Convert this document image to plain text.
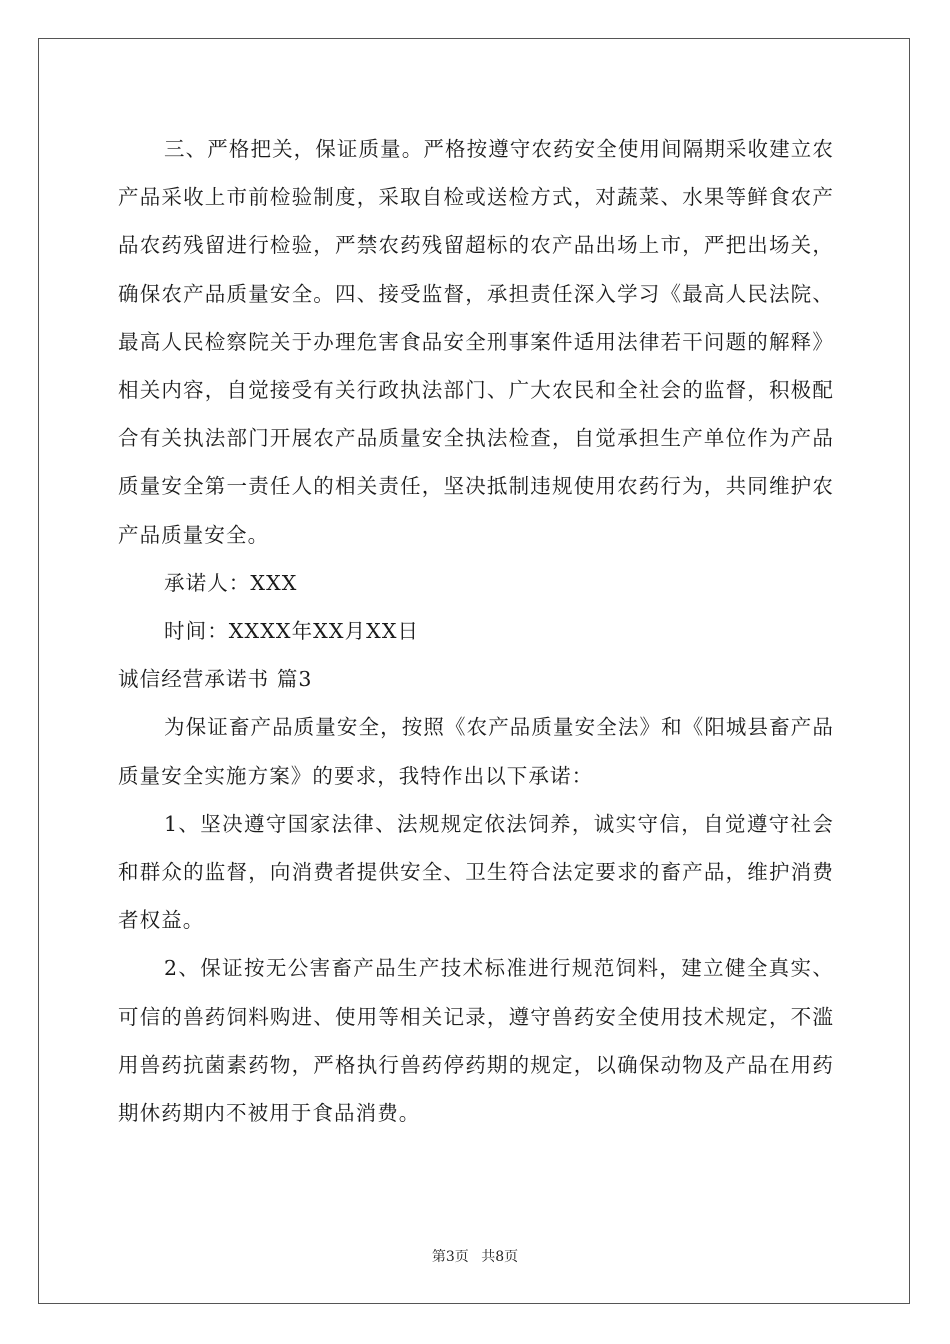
三、严格把关，保证质量。严格按遵守农药安全使用间隔期采收建立农产品采收上市前检验制度，采取自检或送检方式，对蔬菜、水果等鲜食农产品农药残留进行检验，严禁农药残留超标的农产品出场上市，严把出场关，确保农产品质量安全。四、接受监督，承担责任深入学习《最高人民法院、最高人民检察院关于办理危害食品安全刑事案件适用法律若干问题的解释》相关内容，自觉接受有关行政执法部门、广大农民和全社会的监督，积极配合有关执法部门开展农产品质量安全执法检查，自觉承担生产单位作为产品质量安全第一责任人的相关责任，坚决抵制违规使用农药行为，共同维护农产品质量安全。

承诺人：XXX

时间：XXXX年XX月XX日

诚信经营承诺书 篇3

为保证畜产品质量安全，按照《农产品质量安全法》和《阳城县畜产品质量安全实施方案》的要求，我特作出以下承诺：

1、坚决遵守国家法律、法规规定依法饲养，诚实守信，自觉遵守社会和群众的监督，向消费者提供安全、卫生符合法定要求的畜产品，维护消费者权益。

2、保证按无公害畜产品生产技术标准进行规范饲料，建立健全真实、可信的兽药饲料购进、使用等相关记录，遵守兽药安全使用技术规定，不滥用兽药抗菌素药物，严格执行兽药停药期的规定，以确保动物及产品在用药期休药期内不被用于食品消费。

第3页 共8页
